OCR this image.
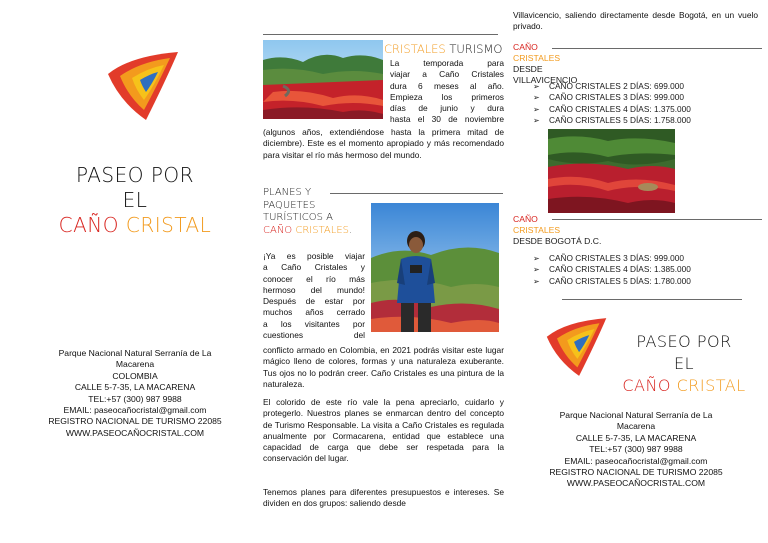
PASEO POR
EL
CAÑO CRISTAL
Parque Nacional Natural Serranía de La
Macarena
COLOMBIA
CALLE 5-7-35, LA MACARENA
TEL:+57 (300) 987 9988
EMAIL: paseocañocristal@gmail.com
REGISTRO NACIONAL DE TURISMO 22085
WWW.PASEOCAÑOCRISTAL.COM
CRISTALES TURISMO
La temporada para
viajar a Caño Cristales
dura 6 meses al año.
Empieza los primeros
días de junio y dura
hasta el 30 de noviembre
(algunos años, extendiéndose hasta la primera mitad de diciembre). Este es el momento apropiado y más recomendado para visitar el río más hermoso del mundo.
PLANES Y
PAQUETES
TURÍSTICOS A
CAÑO CRISTALES.
¡Ya es posible viajar
a Caño Cristales y
conocer el río más
hermoso del mundo!
Después de estar por
muchos años cerrado
a los visitantes por
cuestiones del
conflicto armado en Colombia, en 2021 podrás visitar este lugar mágico lleno de colores, formas y una naturaleza exuberante. Tus ojos no lo podrán creer. Caño Cristales es una pintura de la naturaleza.
El colorido de este río vale la pena apreciarlo, cuidarlo y protegerlo. Nuestros planes se enmarcan dentro del concepto de Turismo Responsable. La visita a Caño Cristales es regulada anualmente por Cormacarena, entidad que establece una capacidad de carga que debe ser respetada para la conservación del lugar.
Tenemos planes para diferentes presupuestos e intereses. Se dividen en dos grupos: saliendo desde
Villavicencio, saliendo directamente desde Bogotá, en un vuelo privado.
CAÑO
CRISTALES
DESDE VILLAVICENCIO
➢ CAÑO CRISTALES 2 DÍAS: 699.000
➢ CAÑO CRISTALES 3 DÍAS: 999.000
➢ CAÑO CRISTALES 4 DÍAS: 1.375.000
➢ CAÑO CRISTALES 5 DÍAS: 1.758.000
CAÑO
CRISTALES
DESDE BOGOTÁ D.C.
➢ CAÑO CRISTALES 3 DÍAS: 999.000
➢ CAÑO CRISTALES 4 DÍAS: 1.385.000
➢ CAÑO CRISTALES 5 DÍAS: 1.780.000
PASEO POR
EL
CAÑO CRISTAL
Parque Nacional Natural Serranía de La
Macarena
CALLE 5-7-35, LA MACARENA
TEL:+57 (300) 987 9988
EMAIL: paseocañocristal@gmail.com
REGISTRO NACIONAL DE TURISMO 22085
WWW.PASEOCAÑOCRISTAL.COM
